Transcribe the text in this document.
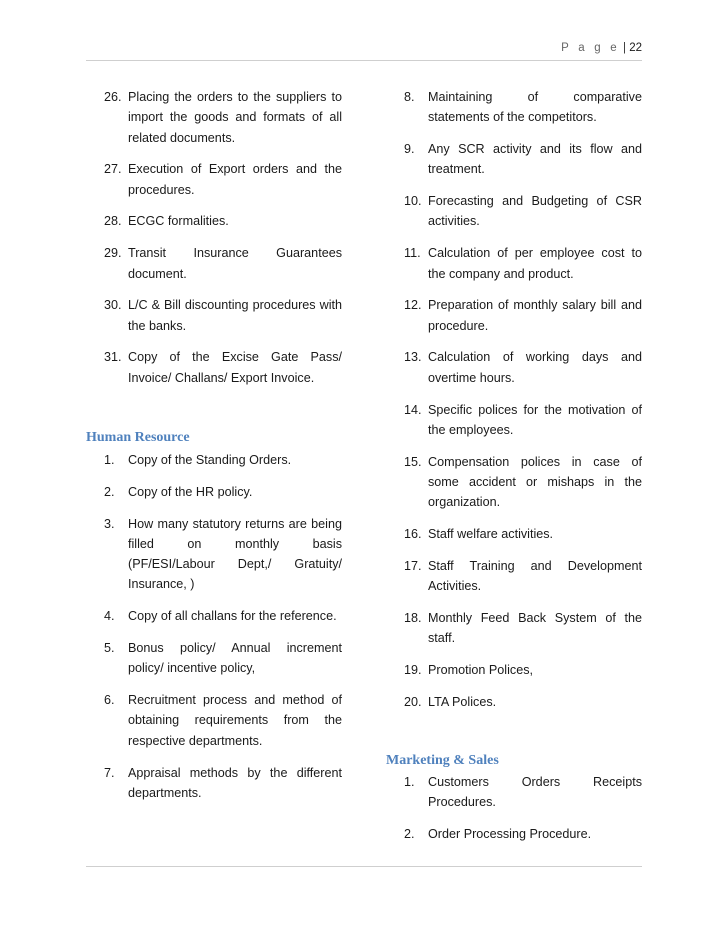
P a g e | 22
26. Placing the orders to the suppliers to import the goods and formats of all related documents.
27. Execution of Export orders and the procedures.
28. ECGC formalities.
29. Transit Insurance Guarantees document.
30. L/C & Bill discounting procedures with the banks.
31. Copy of the Excise Gate Pass/ Invoice/ Challans/ Export Invoice.
Human Resource
1.	Copy of the Standing Orders.
2.	Copy of the HR policy.
3.	How many statutory returns are being filled on monthly basis (PF/ESI/Labour Dept,/ Gratuity/ Insurance, )
4.	Copy of all challans for the reference.
5.	Bonus policy/ Annual increment policy/ incentive policy,
6.	Recruitment process and method of obtaining requirements from the respective departments.
7.	Appraisal methods by the different departments.
8.	Maintaining of comparative statements of the competitors.
9.	Any SCR activity and its flow and treatment.
10. Forecasting and Budgeting of CSR activities.
11. Calculation of per employee cost to the company and product.
12. Preparation of monthly salary bill and procedure.
13. Calculation of working days and overtime hours.
14. Specific polices for the motivation of the employees.
15. Compensation polices in case of some accident or mishaps in the organization.
16. Staff welfare activities.
17. Staff Training and Development Activities.
18. Monthly Feed Back System of the staff.
19. Promotion Polices,
20. LTA Polices.
Marketing & Sales
1.	Customers Orders Receipts Procedures.
2.	Order Processing Procedure.
